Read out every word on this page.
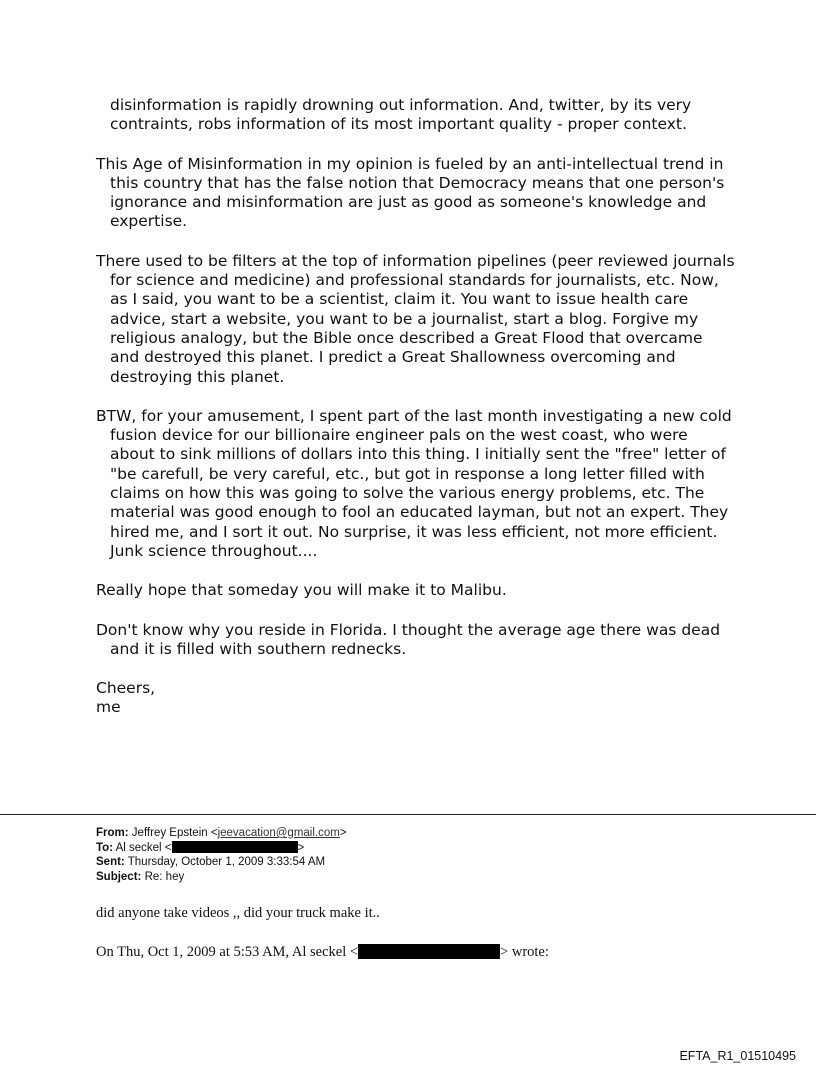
disinformation is rapidly drowning out information. And, twitter, by its very contraints, robs information of its most important quality - proper context.

This Age of Misinformation in my opinion is fueled by an anti-intellectual trend in this country that has the false notion that Democracy means that one person's ignorance and misinformation are just as good as someone's knowledge and expertise.

There used to be filters at the top of information pipelines (peer reviewed journals for science and medicine) and professional standards for journalists, etc. Now, as I said, you want to be a scientist, claim it. You want to issue health care advice, start a website, you want to be a journalist, start a blog. Forgive my religious analogy, but the Bible once described a Great Flood that overcame and destroyed this planet. I predict a Great Shallowness overcoming and destroying this planet.

BTW, for your amusement, I spent part of the last month investigating a new cold fusion device for our billionaire engineer pals on the west coast, who were about to sink millions of dollars into this thing. I initially sent the "free" letter of "be carefull, be very careful, etc., but got in response a long letter filled with claims on how this was going to solve the various energy problems, etc. The material was good enough to fool an educated layman, but not an expert. They hired me, and I sort it out. No surprise, it was less efficient, not more efficient. Junk science throughout....

Really hope that someday you will make it to Malibu.

Don't know why you reside in Florida. I thought the average age there was dead and it is filled with southern rednecks.

Cheers,

me

From: Jeffrey Epstein <jeevacation@gmail.com>
To: Al seckel <	>
Sent: Thursday, October 1, 2009 3:33:54 AM
Subject: Re: hey
did anyone take videos ,, did your truck make it..
On Thu, Oct 1, 2009 at 5:53 AM, Al seckel <	> wrote:
EFTA_R1_01510495
